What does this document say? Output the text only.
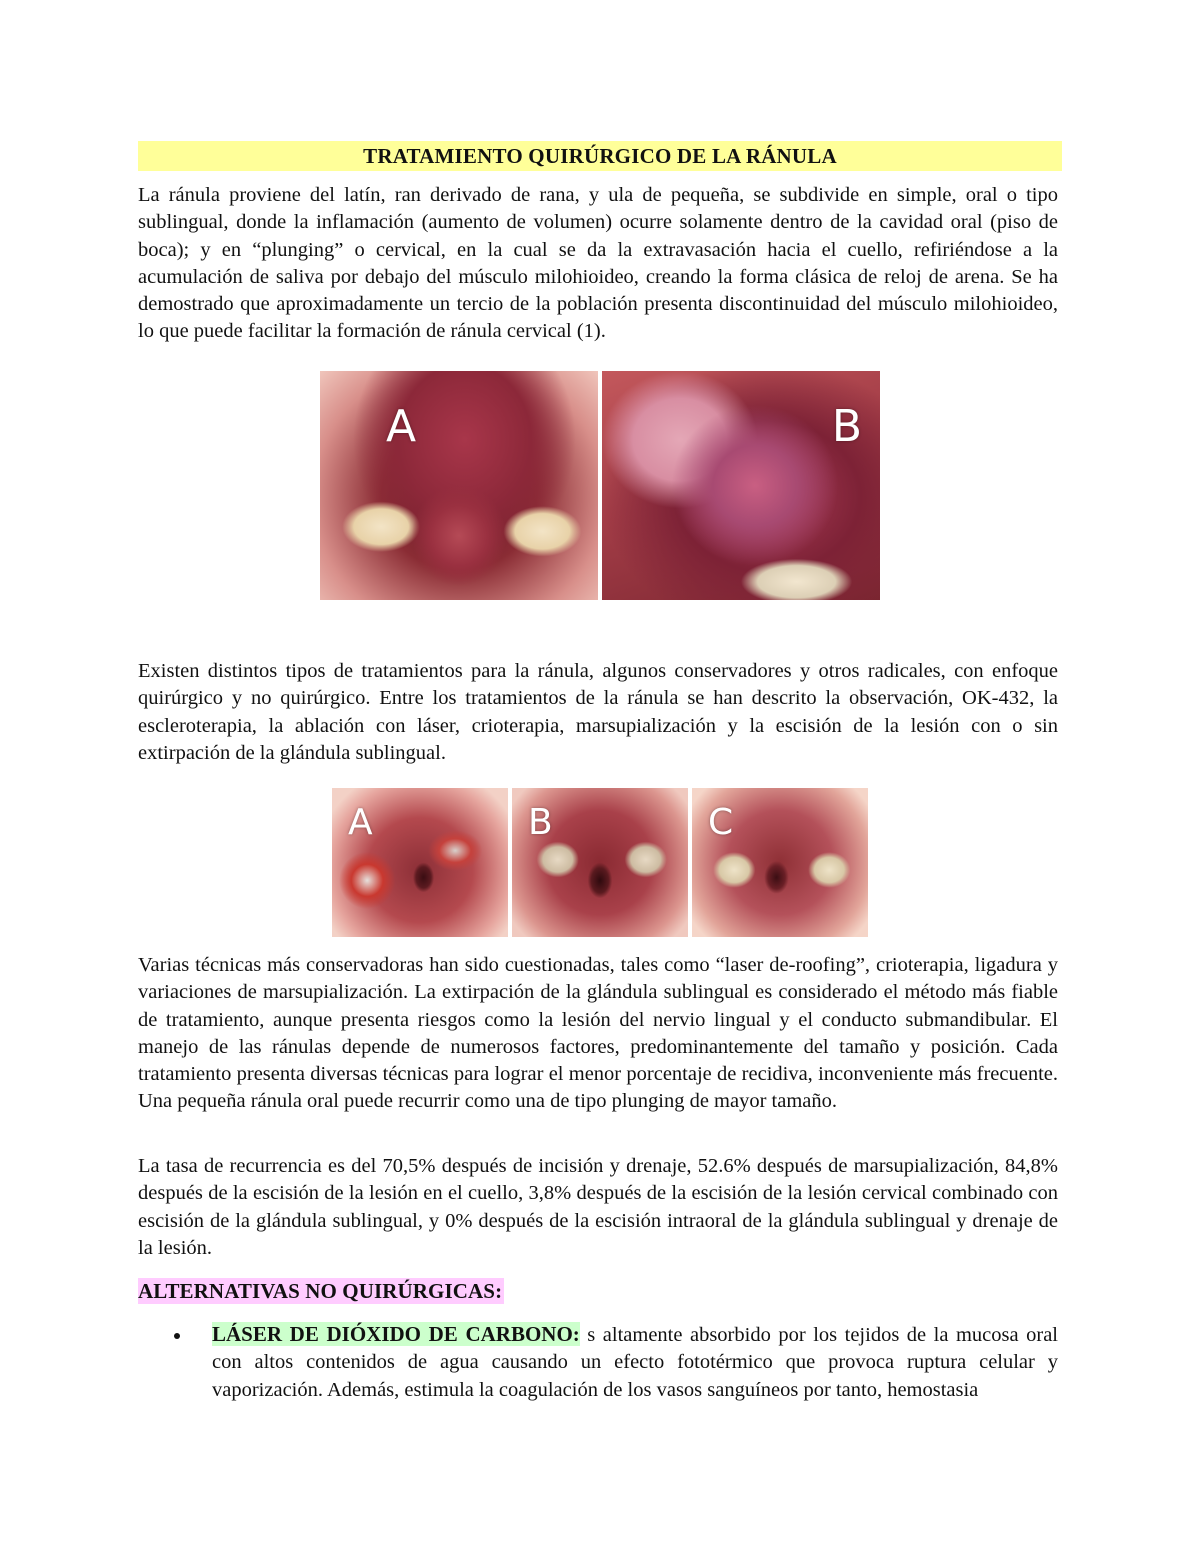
TRATAMIENTO QUIRÚRGICO DE LA RÁNULA
La ránula proviene del latín, ran derivado de rana, y ula de pequeña, se subdivide en simple, oral o tipo sublingual, donde la inflamación (aumento de volumen) ocurre solamente dentro de la cavidad oral (piso de boca); y en “plunging” o cervical, en la cual se da la extravasación hacia el cuello, refiriéndose a la acumulación de saliva por debajo del músculo milohioideo, creando la forma clásica de reloj de arena. Se ha demostrado que aproximadamente un tercio de la población presenta discontinuidad del músculo milohioideo, lo que puede facilitar la formación de ránula cervical (1).
A	B
Existen distintos tipos de tratamientos para la ránula, algunos conservadores y otros radicales, con enfoque quirúrgico y no quirúrgico. Entre los tratamientos de la ránula se han descrito la observación, OK-432, la escleroterapia, la ablación con láser, crioterapia, marsupialización y la escisión de la lesión con o sin extirpación de la glándula sublingual.
A	B	C
Varias técnicas más conservadoras han sido cuestionadas, tales como “laser de-roofing”, crioterapia, ligadura y variaciones de marsupialización. La extirpación de la glándula sublingual es considerado el método más fiable de tratamiento, aunque presenta riesgos como la lesión del nervio lingual y el conducto submandibular. El manejo de las ránulas depende de numerosos factores, predominantemente del tamaño y posición. Cada tratamiento presenta diversas técnicas para lograr el menor porcentaje de recidiva, inconveniente más frecuente. Una pequeña ránula oral puede recurrir como una de tipo plunging de mayor tamaño.
La tasa de recurrencia es del 70,5% después de incisión y drenaje, 52.6% después de marsupialización, 84,8% después de la escisión de la lesión en el cuello, 3,8% después de la escisión de la lesión cervical combinado con escisión de la glándula sublingual, y 0% después de la escisión intraoral de la glándula sublingual y drenaje de la lesión.
ALTERNATIVAS NO QUIRÚRGICAS:
LÁSER DE DIÓXIDO DE CARBONO: s altamente absorbido por los tejidos de la mucosa oral con altos contenidos de agua causando un efecto fototérmico que provoca ruptura celular y vaporización. Además, estimula la coagulación de los vasos sanguíneos por tanto, hemostasia
